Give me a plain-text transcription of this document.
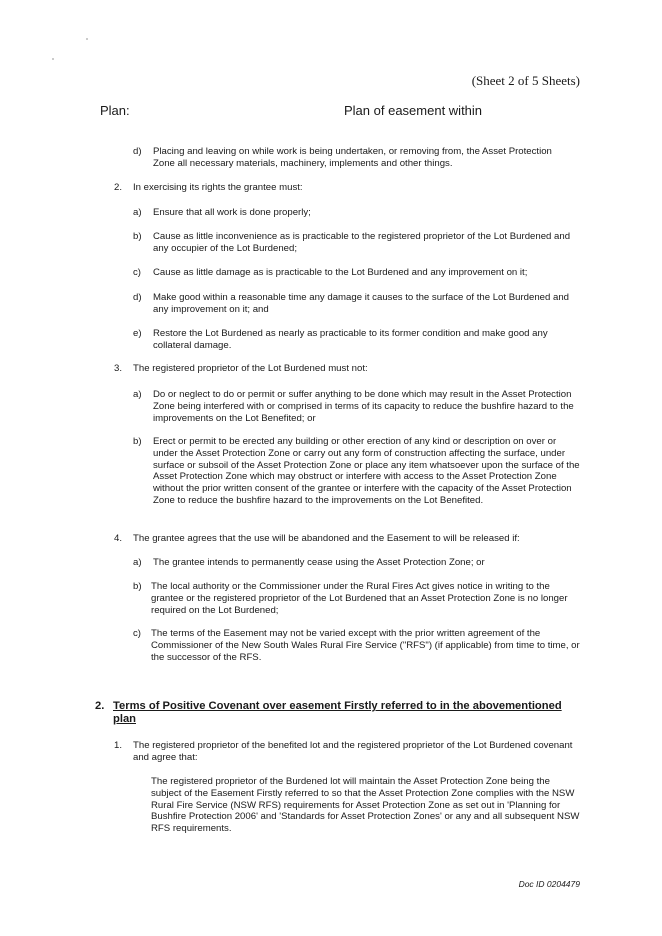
(Sheet 2 of 5 Sheets)
Plan:	Plan of easement within
d) Placing and leaving on while work is being undertaken, or removing from, the Asset Protection Zone all necessary materials, machinery, implements and other things.
2. In exercising its rights the grantee must:
a) Ensure that all work is done properly;
b) Cause as little inconvenience as is practicable to the registered proprietor of the Lot Burdened and any occupier of the Lot Burdened;
c) Cause as little damage as is practicable to the Lot Burdened and any improvement on it;
d) Make good within a reasonable time any damage it causes to the surface of the Lot Burdened and any improvement on it; and
e) Restore the Lot Burdened as nearly as practicable to its former condition and make good any collateral damage.
3. The registered proprietor of the Lot Burdened must not:
a) Do or neglect to do or permit or suffer anything to be done which may result in the Asset Protection Zone being interfered with or comprised in terms of its capacity to reduce the bushfire hazard to the improvements on the Lot Benefited; or
b) Erect or permit to be erected any building or other erection of any kind or description on over or under the Asset Protection Zone or carry out any form of construction affecting the surface, under surface or subsoil of the Asset Protection Zone or place any item whatsoever upon the surface of the Asset Protection Zone which may obstruct or interfere with access to the Asset Protection Zone without the prior written consent of the grantee or interfere with the capacity of the Asset Protection Zone to reduce the bushfire hazard to the improvements on the Lot Benefited.
4. The grantee agrees that the use will be abandoned and the Easement to will be released if:
a) The grantee intends to permanently cease using the Asset Protection Zone; or
b) The local authority or the Commissioner under the Rural Fires Act gives notice in writing to the grantee or the registered proprietor of the Lot Burdened that an Asset Protection Zone is no longer required on the Lot Burdened;
c) The terms of the Easement may not be varied except with the prior written agreement of the Commissioner of the New South Wales Rural Fire Service ("RFS") (if applicable) from time to time, or the successor of the RFS.
2. Terms of Positive Covenant over easement Firstly referred to in the abovementioned plan
1. The registered proprietor of the benefited lot and the registered proprietor of the Lot Burdened covenant and agree that:
The registered proprietor of the Burdened lot will maintain the Asset Protection Zone being the subject of the Easement Firstly referred to so that the Asset Protection Zone complies with the NSW Rural Fire Service (NSW RFS) requirements for Asset Protection Zone as set out in 'Planning for Bushfire Protection 2006' and 'Standards for Asset Protection Zones' or any and all subsequent NSW RFS requirements.
Doc ID 0204479
